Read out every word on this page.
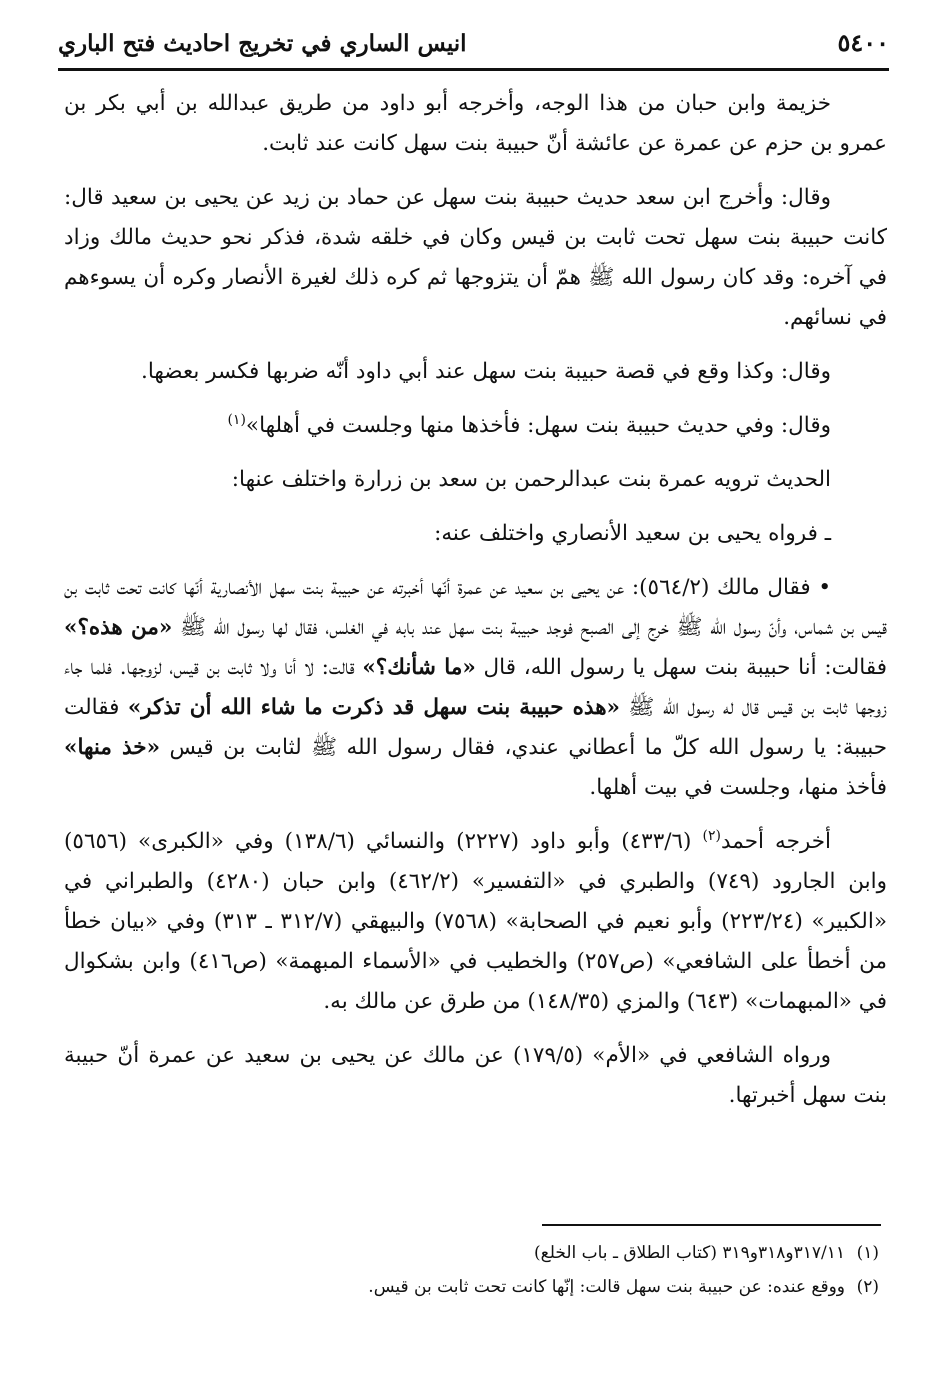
٥٤٠٠
انيس الساري في تخريج احاديث فتح الباري

خزيمة وابن حبان من هذا الوجه، وأخرجه أبو داود من طريق عبدالله بن أبي بكر بن عمرو بن حزم عن عمرة عن عائشة أنّ حبيبة بنت سهل كانت عند ثابت.

وقال: وأخرج ابن سعد حديث حبيبة بنت سهل عن حماد بن زيد عن يحيى بن سعيد قال: كانت حبيبة بنت سهل تحت ثابت بن قيس وكان في خلقه شدة، فذكر نحو حديث مالك وزاد في آخره: وقد كان رسول الله ﷺ همّ أن يتزوجها ثم كره ذلك لغيرة الأنصار وكره أن يسوءهم في نسائهم.

وقال: وكذا وقع في قصة حبيبة بنت سهل عند أبي داود أنّه ضربها فكسر بعضها.

وقال: وفي حديث حبيبة بنت سهل: فأخذها منها وجلست في أهلها»$^{(١)}$

الحديث ترويه عمرة بنت عبدالرحمن بن سعد بن زرارة واختلف عنها:

ـ فرواه يحيى بن سعيد الأنصاري واختلف عنه:

• فقال مالك (٥٦٤/٢): عن يحيى بن سعيد عن عمرة أنّها أخبرته عن حبيبة بنت سهل الأنصارية أنّها كانت تحت ثابت بن قيس بن شماس، وأنّ رسول الله ﷺ خرج إلى الصبح فوجد حبيبة بنت سهل عند بابه في الغلس، فقال لها رسول الله ﷺ «من هذه؟» فقالت: أنا حبيبة بنت سهل يا رسول الله، قال «ما شأنك؟» قالت: لا أنا ولا ثابت بن قيس، لزوجها. فلما جاء زوجها ثابت بن قيس قال له رسول الله ﷺ «هذه حبيبة بنت سهل قد ذكرت ما شاء الله أن تذكر» فقالت حبيبة: يا رسول الله كلّ ما أعطاني عندي، فقال رسول الله ﷺ لثابت بن قيس «خذ منها» فأخذ منها، وجلست في بيت أهلها.

أخرجه أحمد$^{(٢)}$ (٤٣٣/٦) وأبو داود (٢٢٢٧) والنسائي (١٣٨/٦) وفي «الكبرى» (٥٦٥٦) وابن الجارود (٧٤٩) والطبري في «التفسير» (٤٦٢/٢) وابن حبان (٤٢٨٠) والطبراني في «الكبير» (٢٢٣/٢٤) وأبو نعيم في الصحابة» (٧٥٦٨) والبيهقي (٣١٢/٧ ـ ٣١٣) وفي «بيان خطأ من أخطأ على الشافعي» (ص٢٥٧) والخطيب في «الأسماء المبهمة» (ص٤١٦) وابن بشكوال في «المبهمات» (٦٤٣) والمزي (١٤٨/٣٥) من طرق عن مالك به.

ورواه الشافعي في «الأم» (١٧٩/٥) عن مالك عن يحيى بن سعيد عن عمرة أنّ حبيبة بنت سهل أخبرتها.

(١)٣١٧/١١و٣١٨و٣١٩ (كتاب الطلاق ـ باب الخلع)

(٢)ووقع عنده: عن حبيبة بنت سهل قالت: إنّها كانت تحت ثابت بن قيس.
